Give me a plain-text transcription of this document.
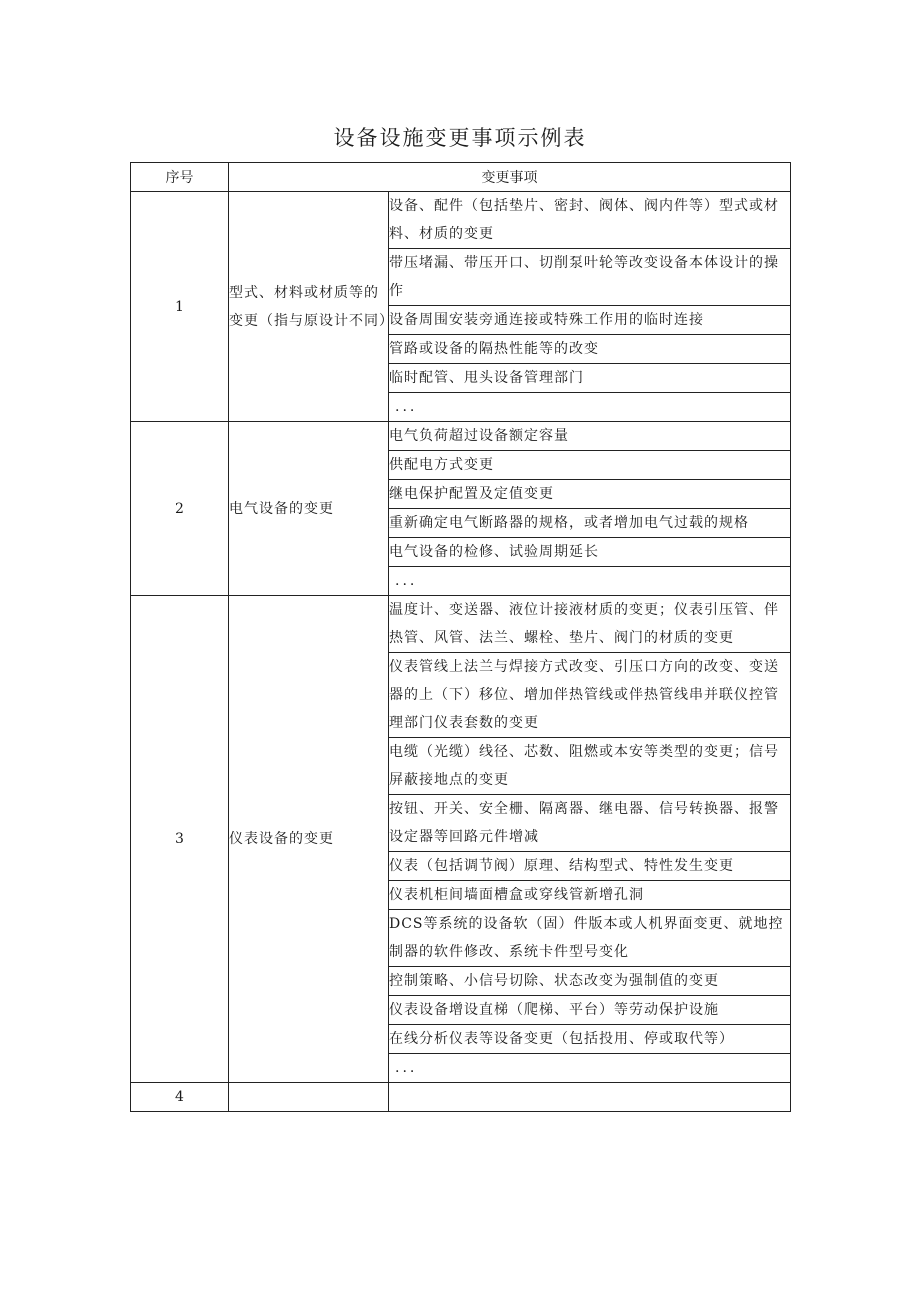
设备设施变更事项示例表
序号	变更事项	
1	型式、材料或材质等的变更（指与原设计不同）	设备、配件（包括垫片、密封、阀体、阀内件等）型式或材料、材质的变更
		带压堵漏、带压开口、切削泵叶轮等改变设备本体设计的操作
		设备周围安装旁通连接或特殊工作用的临时连接
		管路或设备的隔热性能等的改变
		临时配管、甩头设备管理部门
		...
2	电气设备的变更	电气负荷超过设备额定容量
		供配电方式变更
		继电保护配置及定值变更
		重新确定电气断路器的规格，或者增加电气过载的规格
		电气设备的检修、试验周期延长
		...
3	仪表设备的变更	温度计、变送器、液位计接液材质的变更；仪表引压管、伴热管、风管、法兰、螺栓、垫片、阀门的材质的变更
		仪表管线上法兰与焊接方式改变、引压口方向的改变、变送器的上（下）移位、增加伴热管线或伴热管线串并联仪控管理部门仪表套数的变更
		电缆（光缆）线径、芯数、阻燃或本安等类型的变更；信号屏蔽接地点的变更
		按钮、开关、安全栅、隔离器、继电器、信号转换器、报警设定器等回路元件增减
		仪表（包括调节阀）原理、结构型式、特性发生变更
		仪表机柜间墙面槽盒或穿线管新增孔洞
		DCS等系统的设备软（固）件版本或人机界面变更、就地控制器的软件修改、系统卡件型号变化
		控制策略、小信号切除、状态改变为强制值的变更
		仪表设备增设直梯（爬梯、平台）等劳动保护设施
		在线分析仪表等设备变更（包括投用、停或取代等）
		...
4		
